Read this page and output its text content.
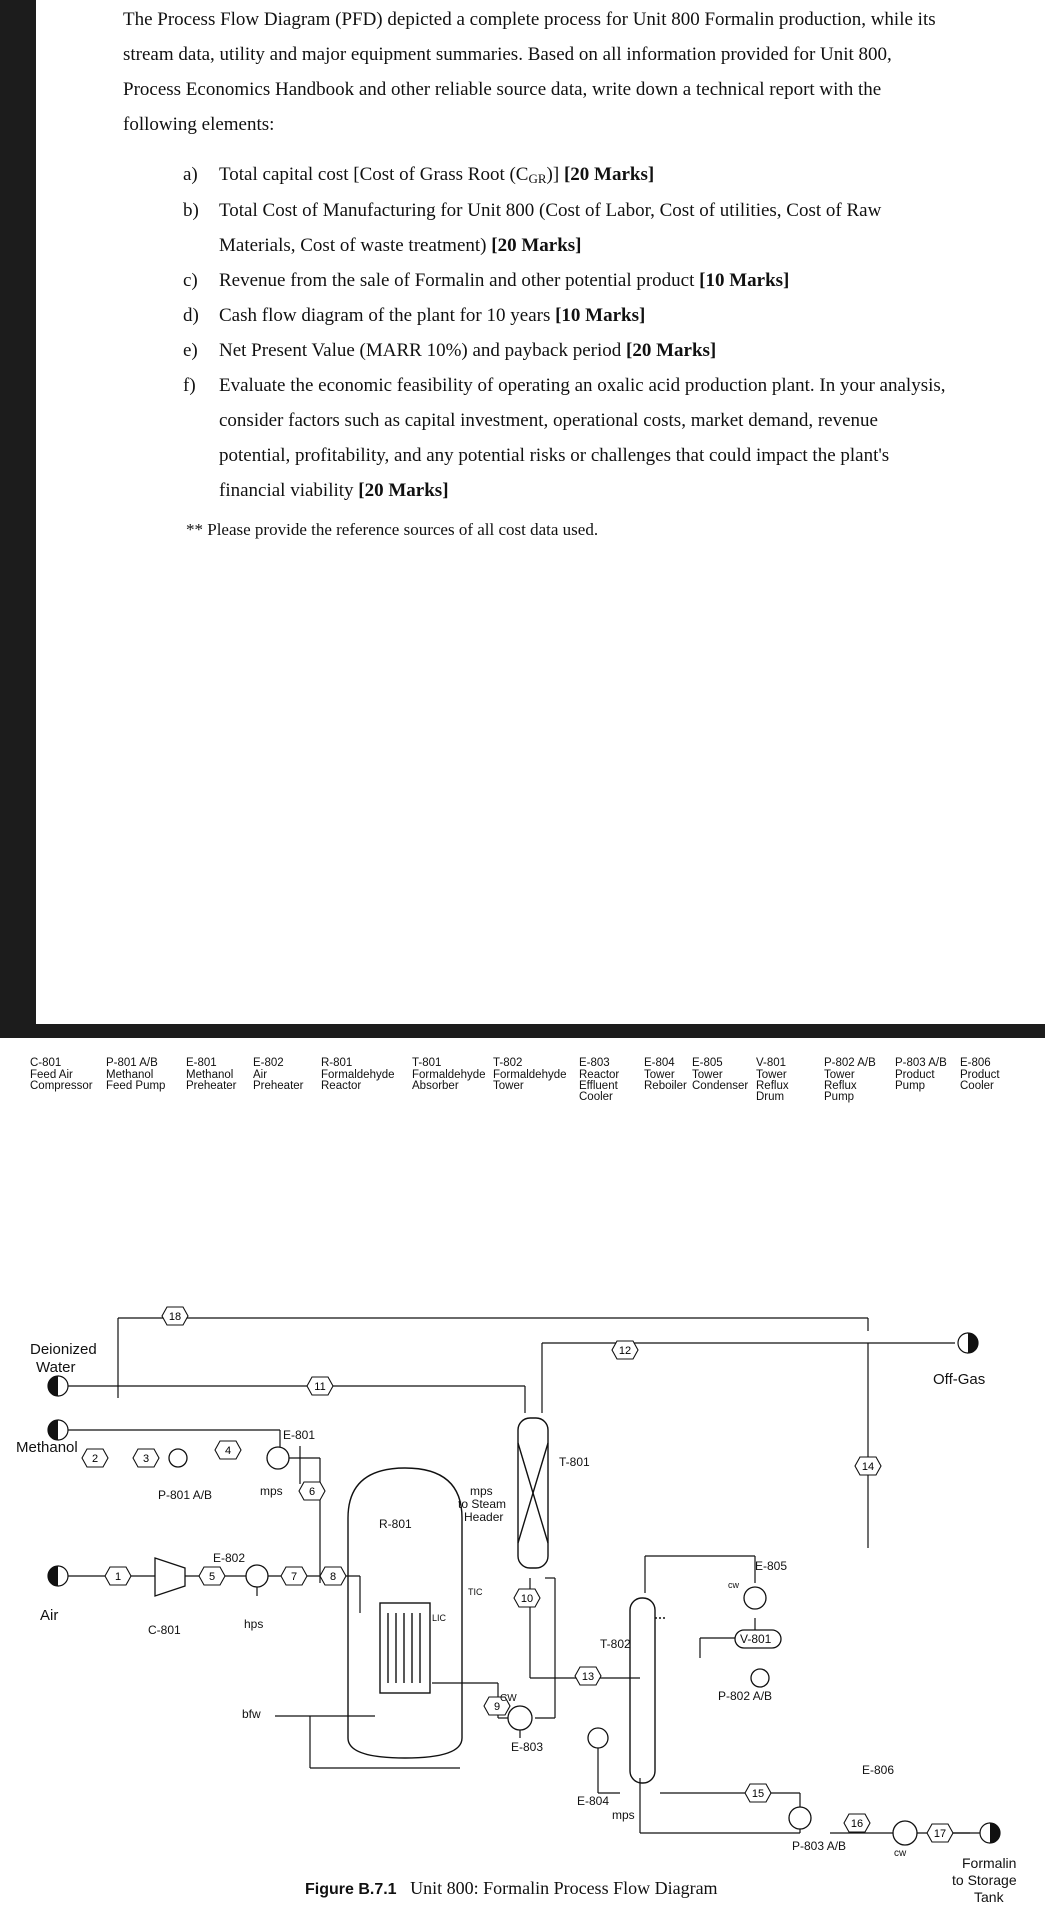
The Process Flow Diagram (PFD) depicted a complete process for Unit 800 Formalin production, while its stream data, utility and major equipment summaries. Based on all information provided for Unit 800, Process Economics Handbook and other reliable source data, write down a technical report with the following elements:

a) Total capital cost [Cost of Grass Root $(C_{GR})$] [20 Marks]
b) Total Cost of Manufacturing for Unit 800 (Cost of Labor, Cost of utilities, Cost of Raw Materials, Cost of waste treatment) [20 Marks]
c) Revenue from the sale of Formalin and other potential product [10 Marks]
d) Cash flow diagram of the plant for 10 years [10 Marks]
e) Net Present Value (MARR 10%) and payback period [20 Marks]
f) Evaluate the economic feasibility of operating an oxalic acid production plant. In your analysis, consider factors such as capital investment, operational costs, market demand, revenue potential, profitability, and any potential risks or challenges that could impact the plant's financial viability [20 Marks]
** Please provide the reference sources of all cost data used.
C-801
Feed Air
Compressor
P-801 A/B
Methanol
Feed Pump
E-801
Methanol
Preheater
E-802
Air
Preheater
R-801
Formaldehyde
Reactor
T-801
Formaldehyde
Absorber
T-802
Formaldehyde
Tower
E-803
Reactor
Effluent
Cooler
E-804
Tower
Reboiler
E-805
Tower
Condenser
V-801
Tower
Reflux
Drum
P-802 A/B
Tower
Reflux
Pump
P-803 A/B
Product
Pump
E-806
Product
Cooler
1
2	3
4
5
6
7	8
9
10
11
12
13
14
15
16
17
18
Deionized
Water
Methanol
Air
Off-Gas
Formalin
to Storage
Tank
E-801
P-801 A/B	mps
E-802
C-801	hps
bfw
R-801
T-801
T-802
E-803
CW
E-804
mps
E-805
V-801
P-802 A/B
E-806
P-803 A/B
cw
cw
TIC
LIC
mps
to Steam
Header
Figure B.7.1 Unit 800: Formalin Process Flow Diagram
